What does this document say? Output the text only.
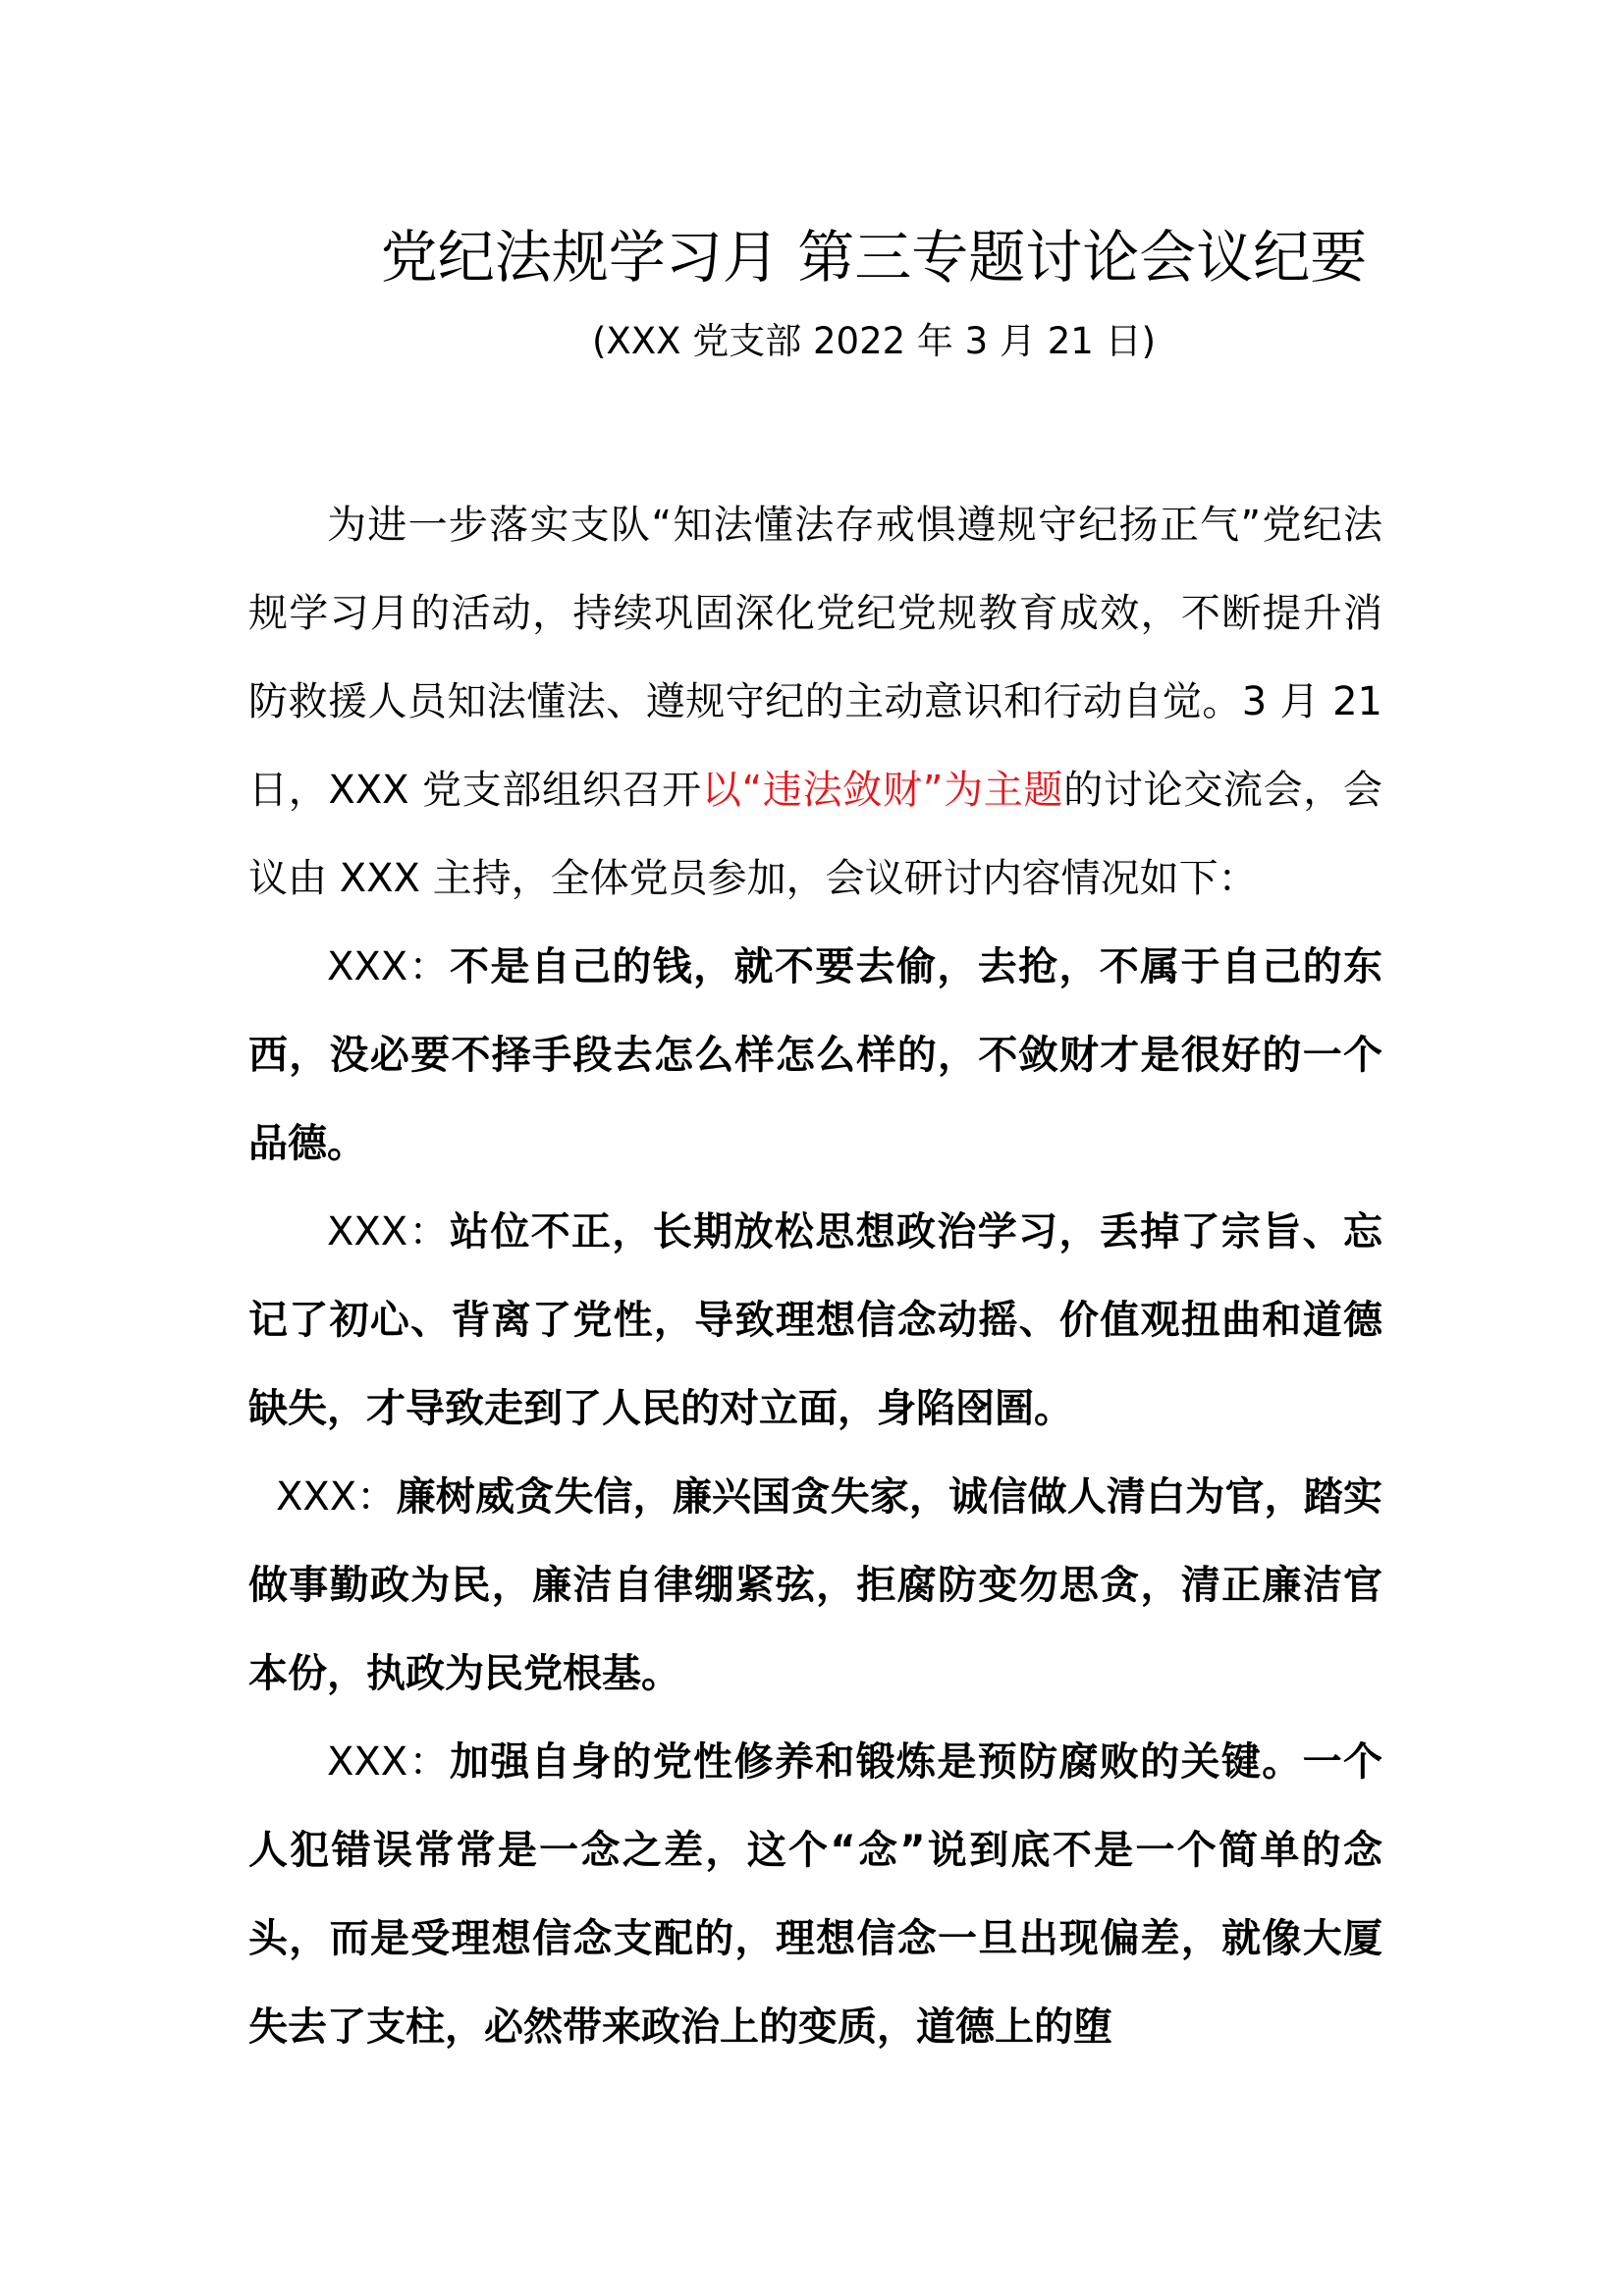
党纪法规学习月 第三专题讨论会议纪要

(XXX 党支部 2022 年 3 月 21 日)

为进一步落实支队“知法懂法存戒惧遵规守纪扬正气”党纪法规学习月的活动，持续巩固深化党纪党规教育成效，不断提升消防救援人员知法懂法、遵规守纪的主动意识和行动自觉。3 月 21 日，XXX 党支部组织召开以“违法敛财”为主题的讨论交流会，会议由 XXX 主持，全体党员参加，会议研讨内容情况如下：

XXX：不是自己的钱，就不要去偷，去抢，不属于自己的东西，没必要不择手段去怎么样怎么样的，不敛财才是很好的一个品德。

XXX：站位不正，长期放松思想政治学习，丢掉了宗旨、忘记了初心、背离了党性，导致理想信念动摇、价值观扭曲和道德缺失，才导致走到了人民的对立面，身陷囹圄。

XXX：廉树威贪失信，廉兴国贪失家，诚信做人清白为官，踏实做事勤政为民，廉洁自律绷紧弦，拒腐防变勿思贪，清正廉洁官本份，执政为民党根基。

XXX：加强自身的党性修养和锻炼是预防腐败的关键。一个人犯错误常常是一念之差，这个“念”说到底不是一个简单的念头，而是受理想信念支配的，理想信念一旦出现偏差，就像大厦失去了支柱，必然带来政治上的变质，道德上的堕
